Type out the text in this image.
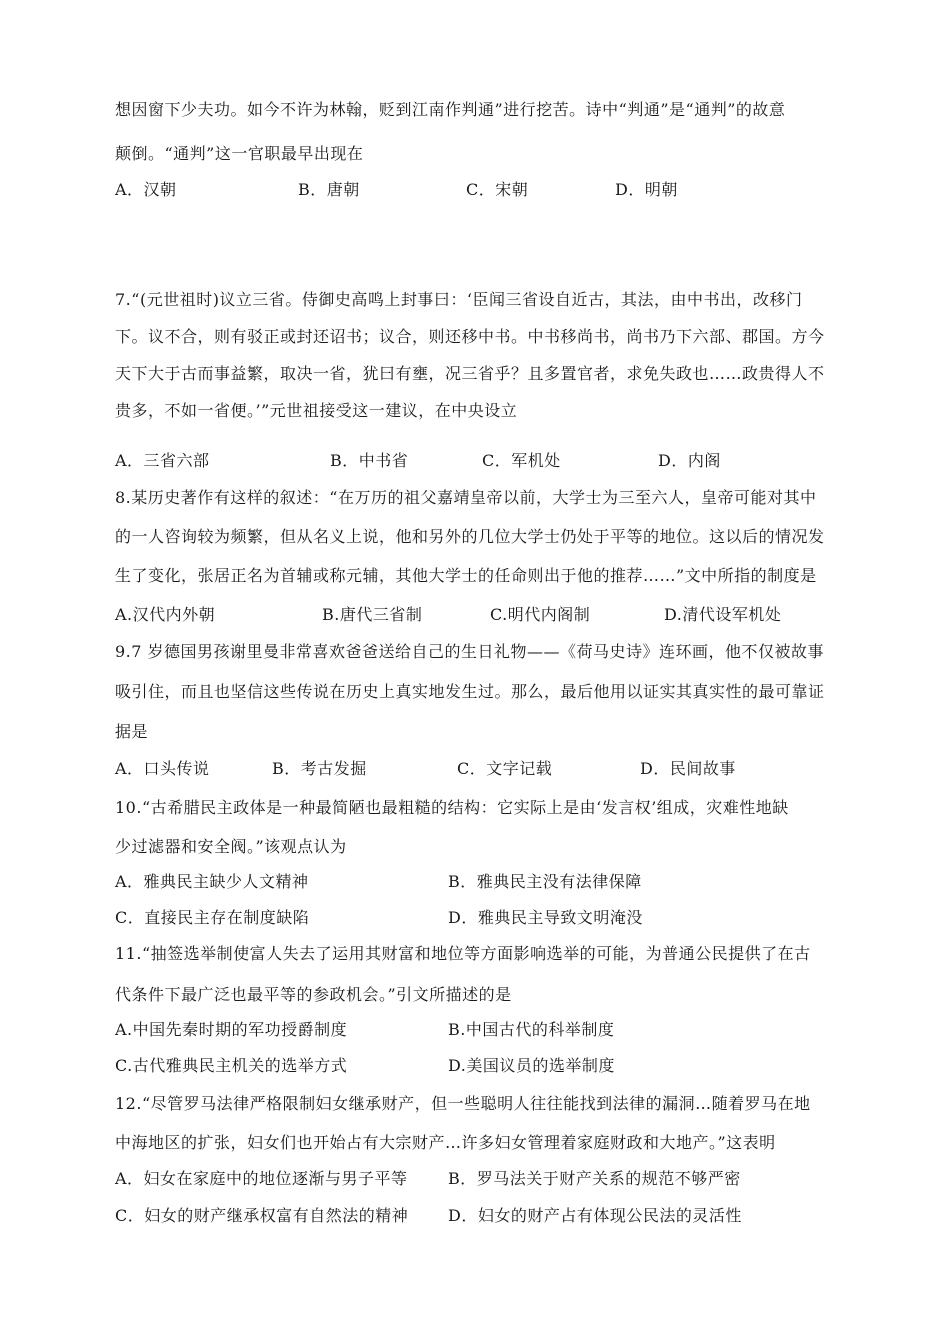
想因窗下少夫功。如今不许为林翰，贬到江南作判通”进行挖苦。诗中“判通”是“通判”的故意
颠倒。“通判”这一官职最早出现在
A．汉朝	B．唐朝	C．宋朝	D．明朝
7.“(元世祖时)议立三省。侍御史高鸣上封事曰：‘臣闻三省设自近古，其法，由中书出，改移门
下。议不合，则有驳正或封还诏书；议合，则还移中书。中书移尚书，尚书乃下六部、郡国。方今
天下大于古而事益繁，取决一省，犹曰有壅，况三省乎？且多置官者，求免失政也……政贵得人不
贵多，不如一省便。’”元世祖接受这一建议，在中央设立
A．三省六部	B．中书省	C．军机处	D．内阁
8.某历史著作有这样的叙述：“在万历的祖父嘉靖皇帝以前，大学士为三至六人，皇帝可能对其中
的一人咨询较为频繁，但从名义上说，他和另外的几位大学士仍处于平等的地位。这以后的情况发
生了变化，张居正名为首辅或称元辅，其他大学士的任命则出于他的推荐……”文中所指的制度是
A.汉代内外朝	B.唐代三省制	C.明代内阁制	D.清代设军机处
9.7 岁德国男孩谢里曼非常喜欢爸爸送给自己的生日礼物——《荷马史诗》连环画，他不仅被故事
吸引住，而且也坚信这些传说在历史上真实地发生过。那么，最后他用以证实其真实性的最可靠证
据是
A．口头传说	B．考古发掘	C．文字记载	D．民间故事
10.“古希腊民主政体是一种最简陋也最粗糙的结构：它实际上是由‘发言权’组成，灾难性地缺
少过滤器和安全阀。”该观点认为
A．雅典民主缺少人文精神	B．雅典民主没有法律保障
C．直接民主存在制度缺陷	D．雅典民主导致文明淹没
11.“抽签选举制使富人失去了运用其财富和地位等方面影响选举的可能，为普通公民提供了在古
代条件下最广泛也最平等的参政机会。”引文所描述的是
A.中国先秦时期的军功授爵制度	B.中国古代的科举制度
C.古代雅典民主机关的选举方式	D.美国议员的选举制度
12.“尽管罗马法律严格限制妇女继承财产，但一些聪明人往往能找到法律的漏洞…随着罗马在地
中海地区的扩张，妇女们也开始占有大宗财产…许多妇女管理着家庭财政和大地产。”这表明
A．妇女在家庭中的地位逐渐与男子平等	B．罗马法关于财产关系的规范不够严密
C．妇女的财产继承权富有自然法的精神 D．妇女的财产占有体现公民法的灵活性
